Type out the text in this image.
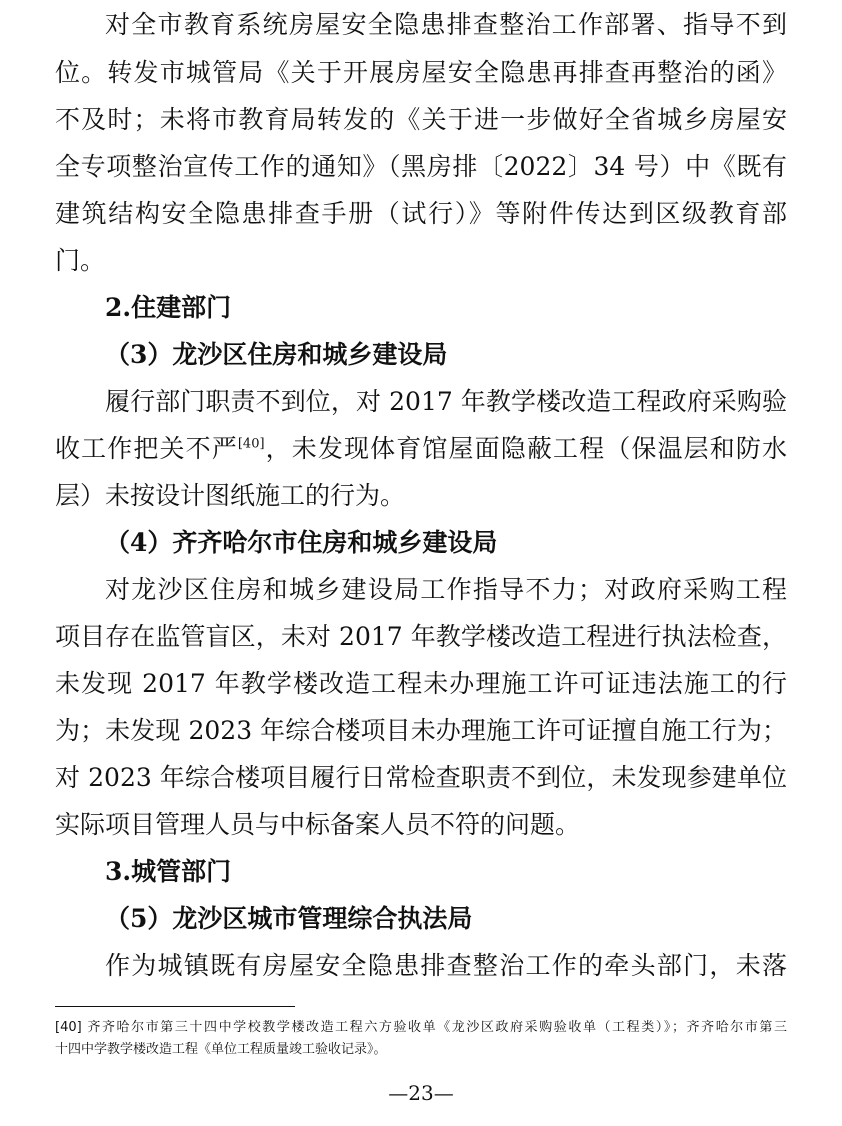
对全市教育系统房屋安全隐患排查整治工作部署、指导不到
位。转发市城管局《关于开展房屋安全隐患再排查再整治的函》
不及时；未将市教育局转发的《关于进一步做好全省城乡房屋安
全专项整治宣传工作的通知》（黑房排〔2022〕34 号）中《既有
建筑结构安全隐患排查手册（试行）》等附件传达到区级教育部
门。
2.住建部门
（3）龙沙区住房和城乡建设局
履行部门职责不到位，对 2017 年教学楼改造工程政府采购验
收工作把关不严[40]，未发现体育馆屋面隐蔽工程（保温层和防水
层）未按设计图纸施工的行为。
（4）齐齐哈尔市住房和城乡建设局
对龙沙区住房和城乡建设局工作指导不力；对政府采购工程
项目存在监管盲区，未对 2017 年教学楼改造工程进行执法检查，
未发现 2017 年教学楼改造工程未办理施工许可证违法施工的行
为；未发现 2023 年综合楼项目未办理施工许可证擅自施工行为；
对 2023 年综合楼项目履行日常检查职责不到位，未发现参建单位
实际项目管理人员与中标备案人员不符的问题。
3.城管部门
（5）龙沙区城市管理综合执法局
作为城镇既有房屋安全隐患排查整治工作的牵头部门，未落
[40] 齐齐哈尔市第三十四中学校教学楼改造工程六方验收单《龙沙区政府采购验收单（工程类）》；齐齐哈尔市第三
十四中学教学楼改造工程《单位工程质量竣工验收记录》。
—23—
